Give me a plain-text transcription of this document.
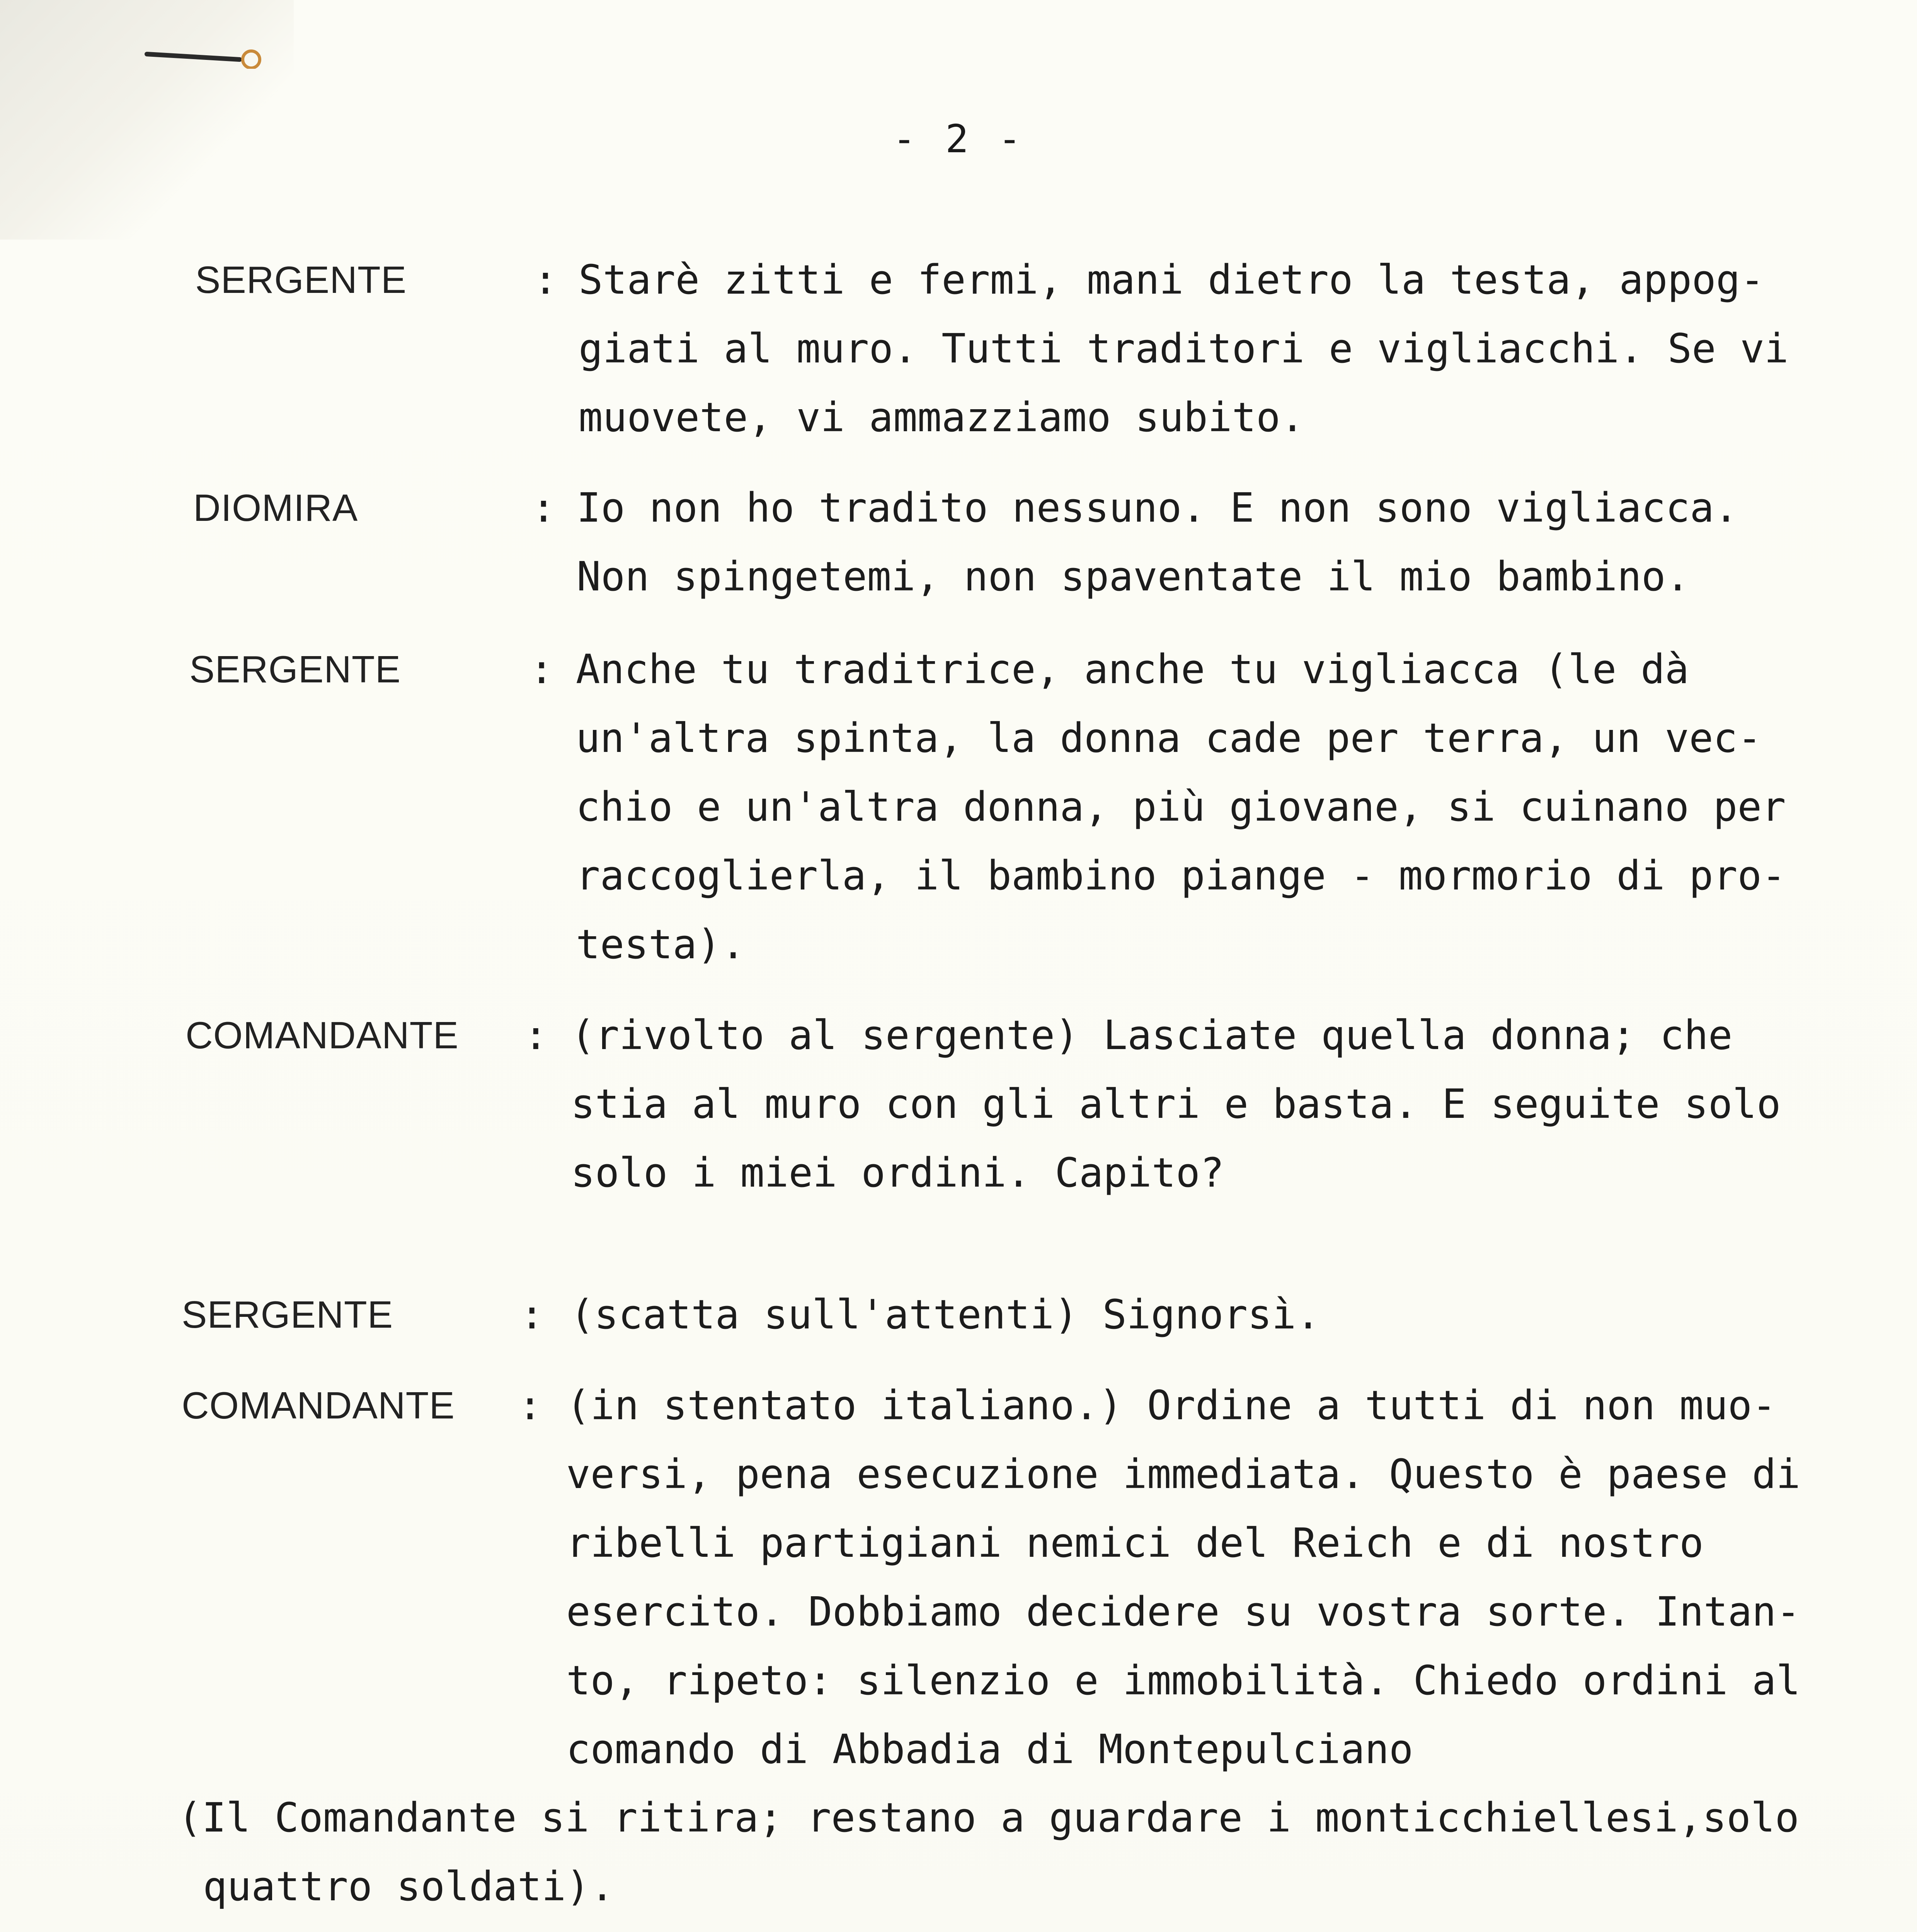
- 2 -
SERGENTE	: Starè zitti e fermi, mani dietro la testa, appog-
giati al muro. Tutti traditori e vigliacchi. Se vi
muovete, vi ammazziamo subito.
DIOMIRA	: Io non ho tradito nessuno. E non sono vigliacca.
Non spingetemi, non spaventate il mio bambino.
SERGENTE	: Anche tu traditrice, anche tu vigliacca (le dà
un'altra spinta, la donna cade per terra, un vec-
chio e un'altra donna, più giovane, si cuinano per
raccoglierla, il bambino piange - mormorio di pro-
testa).
COMANDANTE : (rivolto al sergente) Lasciate quella donna; che
stia al muro con gli altri e basta. E seguite solo
solo i miei ordini. Capito?
SERGENTE	: (scatta sull'attenti) Signorsì.
COMANDANTE : (in stentato italiano.) Ordine a tutti di non muo-
versi, pena esecuzione immediata. Questo è paese di
ribelli partigiani nemici del Reich e di nostro
esercito. Dobbiamo decidere su vostra sorte. Intan-
to, ripeto: silenzio e immobilità. Chiedo ordini al
comando di Abbadia di Montepulciano
(Il Comandante si ritira; restano a guardare i monticchiellesi,solo
quattro soldati).
